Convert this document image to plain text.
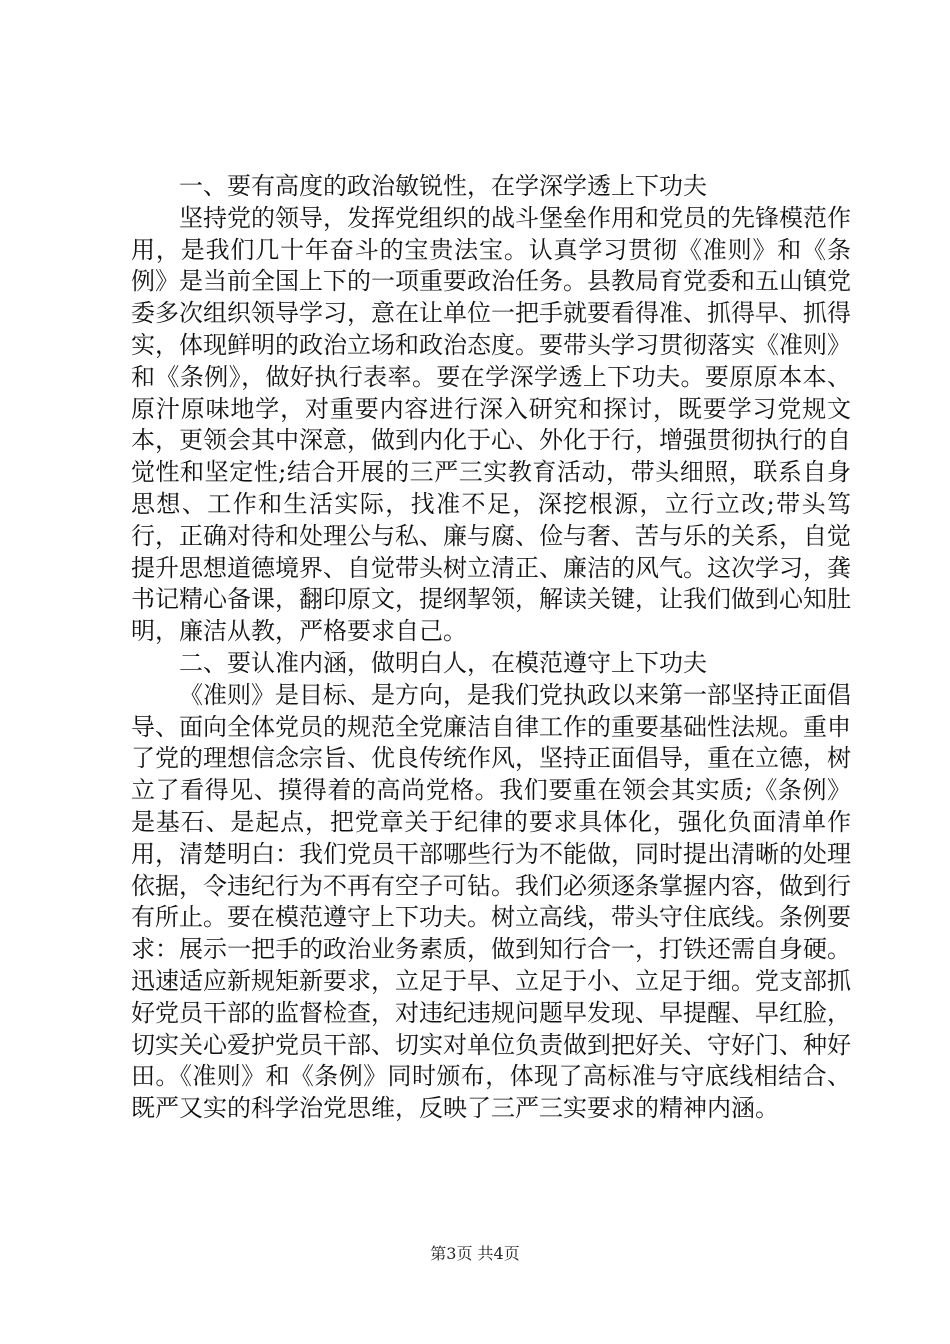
一、要有高度的政治敏锐性，在学深学透上下功夫

坚持党的领导，发挥党组织的战斗堡垒作用和党员的先锋模范作用，是我们几十年奋斗的宝贵法宝。认真学习贯彻《准则》和《条例》是当前全国上下的一项重要政治任务。县教局育党委和五山镇党委多次组织领导学习，意在让单位一把手就要看得准、抓得早、抓得实，体现鲜明的政治立场和政治态度。要带头学习贯彻落实《准则》和《条例》，做好执行表率。要在学深学透上下功夫。要原原本本、原汁原味地学，对重要内容进行深入研究和探讨，既要学习党规文本，更领会其中深意，做到内化于心、外化于行，增强贯彻执行的自觉性和坚定性;结合开展的三严三实教育活动，带头细照，联系自身思想、工作和生活实际，找准不足，深挖根源，立行立改;带头笃行，正确对待和处理公与私、廉与腐、俭与奢、苦与乐的关系，自觉提升思想道德境界、自觉带头树立清正、廉洁的风气。这次学习，龚书记精心备课，翻印原文，提纲挈领，解读关键，让我们做到心知肚明，廉洁从教，严格要求自己。

二、要认准内涵，做明白人，在模范遵守上下功夫

《准则》是目标、是方向，是我们党执政以来第一部坚持正面倡导、面向全体党员的规范全党廉洁自律工作的重要基础性法规。重申了党的理想信念宗旨、优良传统作风，坚持正面倡导，重在立德，树立了看得见、摸得着的高尚党格。我们要重在领会其实质;《条例》是基石、是起点，把党章关于纪律的要求具体化，强化负面清单作用，清楚明白：我们党员干部哪些行为不能做，同时提出清晰的处理依据，令违纪行为不再有空子可钻。我们必须逐条掌握内容，做到行有所止。要在模范遵守上下功夫。树立高线，带头守住底线。条例要求：展示一把手的政治业务素质，做到知行合一，打铁还需自身硬。迅速适应新规矩新要求，立足于早、立足于小、立足于细。党支部抓好党员干部的监督检查，对违纪违规问题早发现、早提醒、早红脸，切实关心爱护党员干部、切实对单位负责做到把好关、守好门、种好田。《准则》和《条例》同时颁布，体现了高标准与守底线相结合、既严又实的科学治党思维，反映了三严三实要求的精神内涵。

第3页 共4页
